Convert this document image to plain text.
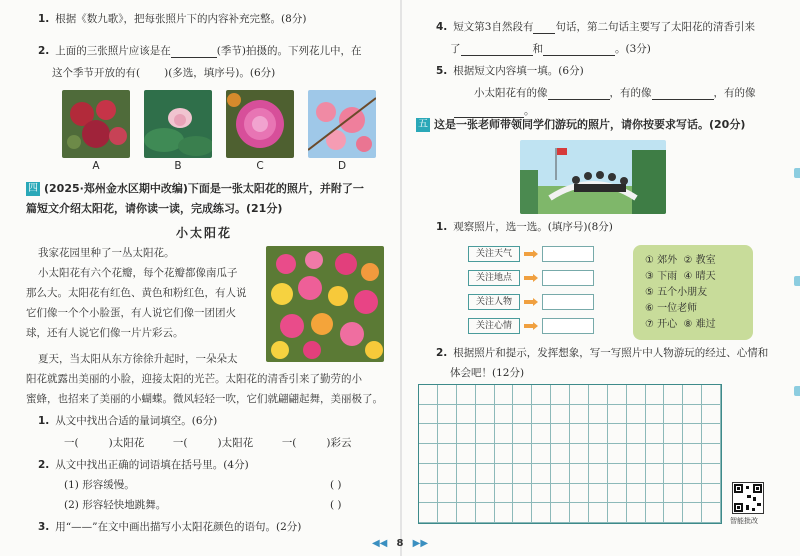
1. 根据《数九歌》，把每张照片下的内容补充完整。(8分)
2. 上面的三张照片应该是在	(季节)拍摄的。下列花儿中，在
这个季节开放的有( )(多选，填序号)。(6分)
A	B	C	D
四 (2025·郑州金水区期中改编)下面是一张太阳花的照片，并附了一
篇短文介绍太阳花，请你读一读，完成练习。(21分)
小太阳花
我家花园里种了一丛太阳花。
小太阳花有六个花瓣，每个花瓣都像南瓜子
那么大。太阳花有红色、黄色和粉红色，有人说
它们像一个个小脸蛋，有人说它们像一团团火
球，还有人说它们像一片片彩云。
夏天，当太阳从东方徐徐升起时，一朵朵太
阳花就露出美丽的小脸，迎接太阳的光芒。太阳花的清香引来了勤劳的小
蜜蜂，也招来了美丽的小蝴蝶。微风轻轻一吹，它们就翩翩起舞，美丽极了。
1. 从文中找出合适的量词填空。(6分)
一(	)太阳花	一(	)太阳花	一(	)彩云
2. 从文中找出正确的词语填在括号里。(4分)
(1) 形容缓慢。	( )
(2) 形容轻快地跳舞。	( )
3. 用“——”在文中画出描写小太阳花颜色的语句。(2分)
4. 短文第3自然段有 句话，第二句话主要写了太阳花的清香引来
了	和	。(3分)
5. 根据短文内容填一填。(6分)
小太阳花有的像	，有的像	，有的像
。
五 这是一张老师带领同学们游玩的照片，请你按要求写话。(20分)
1. 观察照片，选一选。(填序号)(8分)
关注天气
关注地点
关注人物
关注心情
① 郊外 ② 教室
③ 下雨 ④ 晴天
⑤ 五个小朋友
⑥ 一位老师
⑦ 开心 ⑧ 难过
2. 根据照片和提示，发挥想象，写一写照片中人物游玩的经过、心情和
体会吧！(12分)
智能批改
◀◀ 8 ▶▶
